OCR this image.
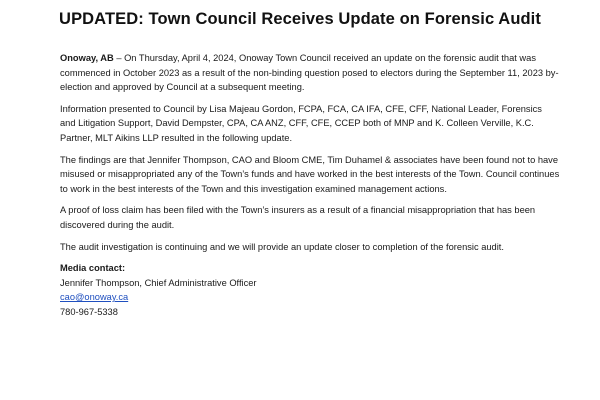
UPDATED: Town Council Receives Update on Forensic Audit

Onoway, AB – On Thursday, April 4, 2024, Onoway Town Council received an update on the forensic audit that was commenced in October 2023 as a result of the non-binding question posed to electors during the September 11, 2023 by-election and approved by Council at a subsequent meeting.

Information presented to Council by Lisa Majeau Gordon, FCPA, FCA, CA IFA, CFE, CFF, National Leader, Forensics and Litigation Support, David Dempster, CPA, CA ANZ, CFF, CFE, CCEP both of MNP and K. Colleen Verville, K.C. Partner, MLT Aikins LLP resulted in the following update.

The findings are that Jennifer Thompson, CAO and Bloom CME, Tim Duhamel & associates have been found not to have misused or misappropriated any of the Town’s funds and have worked in the best interests of the Town. Council continues to work in the best interests of the Town and this investigation examined management actions.

A proof of loss claim has been filed with the Town’s insurers as a result of a financial misappropriation that has been discovered during the audit.

The audit investigation is continuing and we will provide an update closer to completion of the forensic audit.

Media contact:
Jennifer Thompson, Chief Administrative Officer
cao@onoway.ca
780-967-5338
